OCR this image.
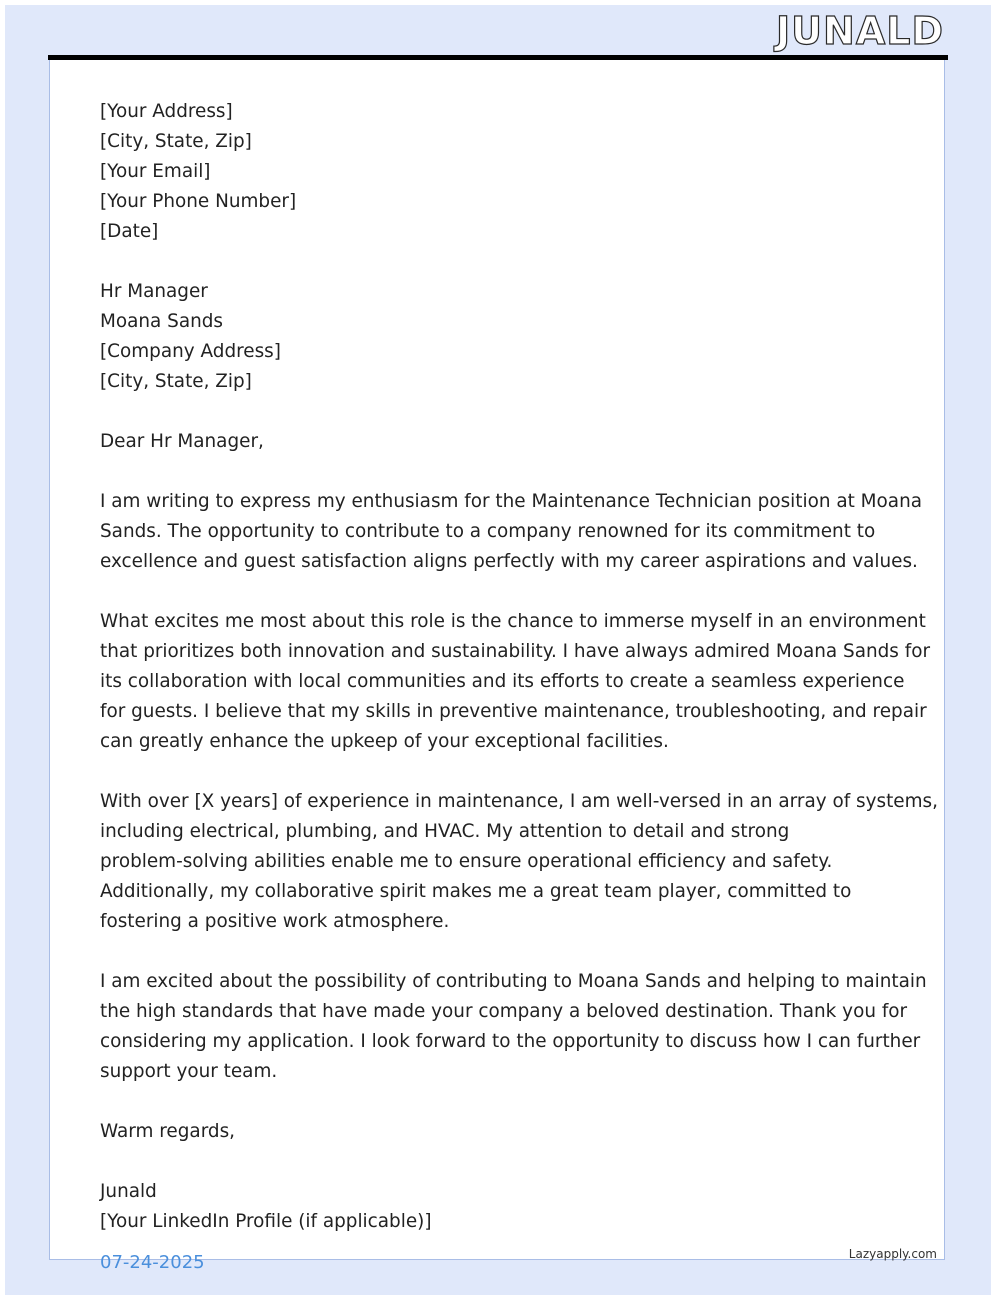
JUNALD
[Your Address]
[City, State, Zip]
[Your Email]
[Your Phone Number]
[Date]
Hr Manager
Moana Sands
[Company Address]
[City, State, Zip]
Dear Hr Manager,
I am writing to express my enthusiasm for the Maintenance Technician position at Moana
Sands. The opportunity to contribute to a company renowned for its commitment to
excellence and guest satisfaction aligns perfectly with my career aspirations and values.
What excites me most about this role is the chance to immerse myself in an environment
that prioritizes both innovation and sustainability. I have always admired Moana Sands for
its collaboration with local communities and its efforts to create a seamless experience
for guests. I believe that my skills in preventive maintenance, troubleshooting, and repair
can greatly enhance the upkeep of your exceptional facilities.
With over [X years] of experience in maintenance, I am well-versed in an array of systems,
including electrical, plumbing, and HVAC. My attention to detail and strong
problem-solving abilities enable me to ensure operational efficiency and safety.
Additionally, my collaborative spirit makes me a great team player, committed to
fostering a positive work atmosphere.
I am excited about the possibility of contributing to Moana Sands and helping to maintain
the high standards that have made your company a beloved destination. Thank you for
considering my application. I look forward to the opportunity to discuss how I can further
support your team.
Warm regards,
Junald
[Your LinkedIn Profile (if applicable)]
07-24-2025	Lazyapply.com
